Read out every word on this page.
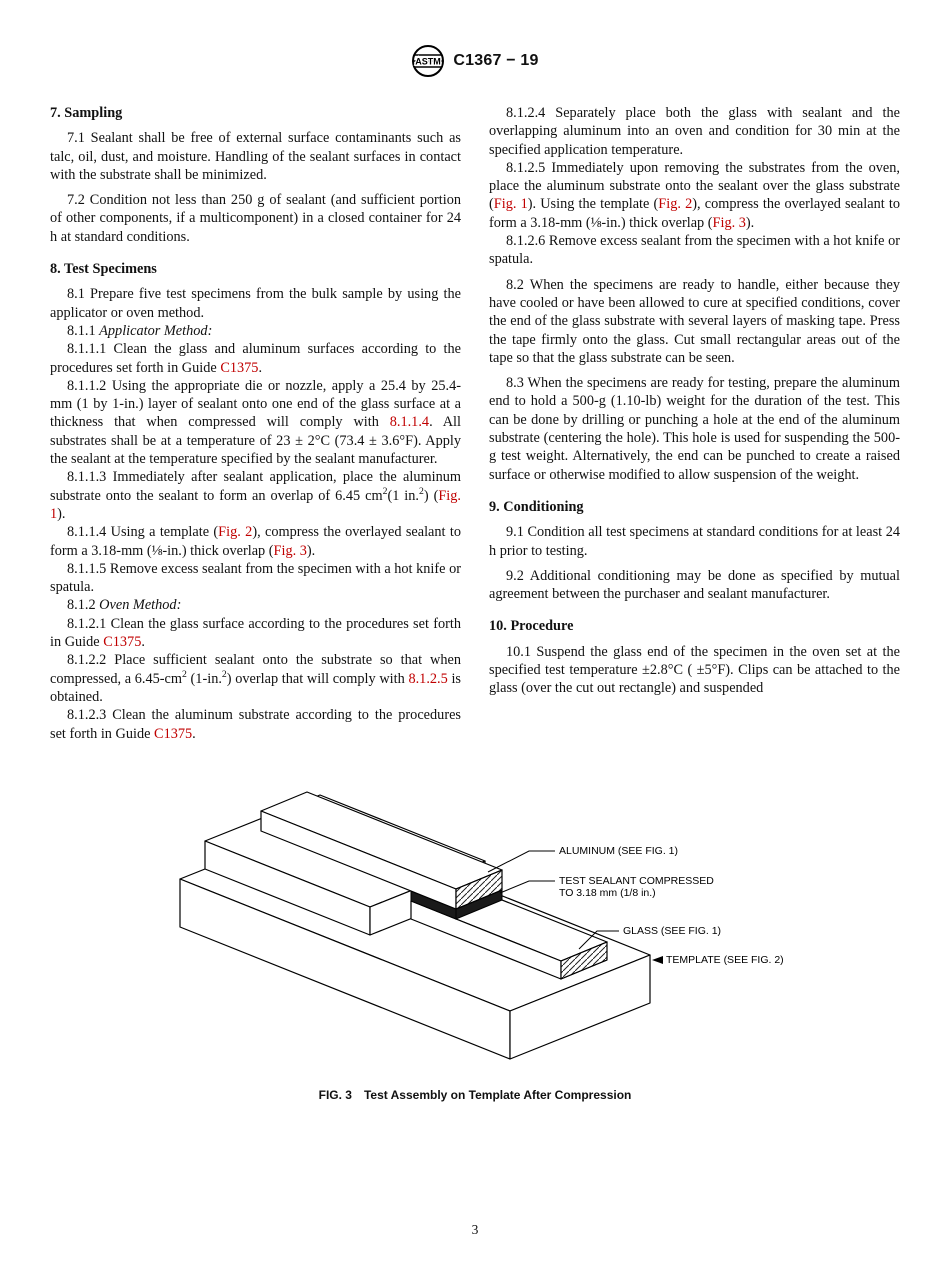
ASTM C1367 − 19
7. Sampling

7.1 Sealant shall be free of external surface contaminants such as talc, oil, dust, and moisture. Handling of the sealant surfaces in contact with the substrate shall be minimized.

7.2 Condition not less than 250 g of sealant (and sufficient portion of other components, if a multicomponent) in a closed container for 24 h at standard conditions.

8. Test Specimens

8.1 Prepare five test specimens from the bulk sample by using the applicator or oven method.

8.1.1 Applicator Method:

8.1.1.1 Clean the glass and aluminum surfaces according to the procedures set forth in Guide C1375.

8.1.1.2 Using the appropriate die or nozzle, apply a 25.4 by 25.4-mm (1 by 1-in.) layer of sealant onto one end of the glass surface at a thickness that when compressed will comply with 8.1.1.4. All substrates shall be at a temperature of 23 ± 2°C (73.4 ± 3.6°F). Apply the sealant at the temperature specified by the sealant manufacturer.

8.1.1.3 Immediately after sealant application, place the aluminum substrate onto the sealant to form an overlap of 6.45 $cm^2(1$ in.$^2$) (Fig. 1).

8.1.1.4 Using a template (Fig. 2), compress the overlayed sealant to form a 3.18-mm (⅛-in.) thick overlap (Fig. 3).

8.1.1.5 Remove excess sealant from the specimen with a hot knife or spatula.

8.1.2 Oven Method:

8.1.2.1 Clean the glass surface according to the procedures set forth in Guide C1375.

8.1.2.2 Place sufficient sealant onto the substrate so that when compressed, a $6.45-cm^2$ (1-in.$^2$) overlap that will comply with 8.1.2.5 is obtained.

8.1.2.3 Clean the aluminum substrate according to the procedures set forth in Guide C1375.

8.1.2.4 Separately place both the glass with sealant and the overlapping aluminum into an oven and condition for 30 min at the specified application temperature.

8.1.2.5 Immediately upon removing the substrates from the oven, place the aluminum substrate onto the sealant over the glass substrate (Fig. 1). Using the template (Fig. 2), compress the overlayed sealant to form a 3.18-mm (⅛-in.) thick overlap (Fig. 3).

8.1.2.6 Remove excess sealant from the specimen with a hot knife or spatula.

8.2 When the specimens are ready to handle, either because they have cooled or have been allowed to cure at specified conditions, cover the end of the glass substrate with several layers of masking tape. Press the tape firmly onto the glass. Cut small rectangular areas out of the tape so that the glass substrate can be seen.

8.3 When the specimens are ready for testing, prepare the aluminum end to hold a 500-g (1.10-lb) weight for the duration of the test. This can be done by drilling or punching a hole at the end of the aluminum substrate (centering the hole). This hole is used for suspending the 500-g test weight. Alternatively, the end can be punched to create a raised surface or otherwise modified to allow suspension of the weight.

9. Conditioning

9.1 Condition all test specimens at standard conditions for at least 24 h prior to testing.

9.2 Additional conditioning may be done as specified by mutual agreement between the purchaser and sealant manufacturer.

10. Procedure

10.1 Suspend the glass end of the specimen in the oven set at the specified test temperature ±2.8°C ( ±5°F). Clips can be attached to the glass (over the cut out rectangle) and suspended

ALUMINUM (SEE FIG. 1)
TEST SEALANT COMPRESSED
TO 3.18 mm (1/8 in.)
GLASS (SEE FIG. 1)
TEMPLATE (SEE FIG. 2)
FIG. 3 Test Assembly on Template After Compression
3
